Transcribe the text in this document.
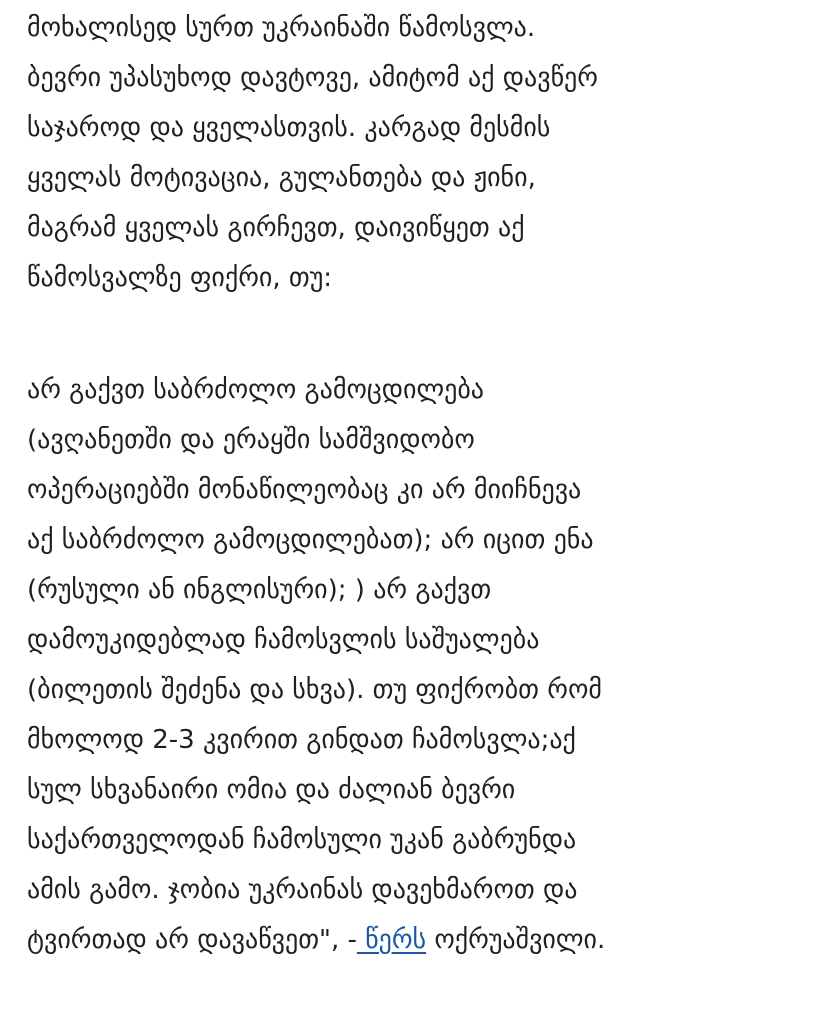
მოხალისედ სურთ უკრაინაში წამოსვლა.
ბევრი უპასუხოდ დავტოვე, ამიტომ აქ დავწერ
საჯაროდ და ყველასთვის. კარგად მესმის
ყველას მოტივაცია, გულანთება და ჟინი,
მაგრამ ყველას გირჩევთ, დაივიწყეთ აქ
წამოსვალზე ფიქრი, თუ:
არ გაქვთ საბრძოლო გამოცდილება
(ავღანეთში და ერაყში სამშვიდობო
ოპერაციებში მონაწილეობაც კი არ მიიჩნევა
აქ საბრძოლო გამოცდილებათ); არ იცით ენა
(რუსული ან ინგლისური); ) არ გაქვთ
დამოუკიდებლად ჩამოსვლის საშუალება
(ბილეთის შეძენა და სხვა). თუ ფიქრობთ რომ
მხოლოდ 2-3 კვირით გინდათ ჩამოსვლა;აქ
სულ სხვანაირი ომია და ძალიან ბევრი
საქართველოდან ჩამოსული უკან გაბრუნდა
ამის გამო. ჯობია უკრაინას დავეხმაროთ და
ტვირთად არ დავაწვეთ", - წერს ოქრუაშვილი.
